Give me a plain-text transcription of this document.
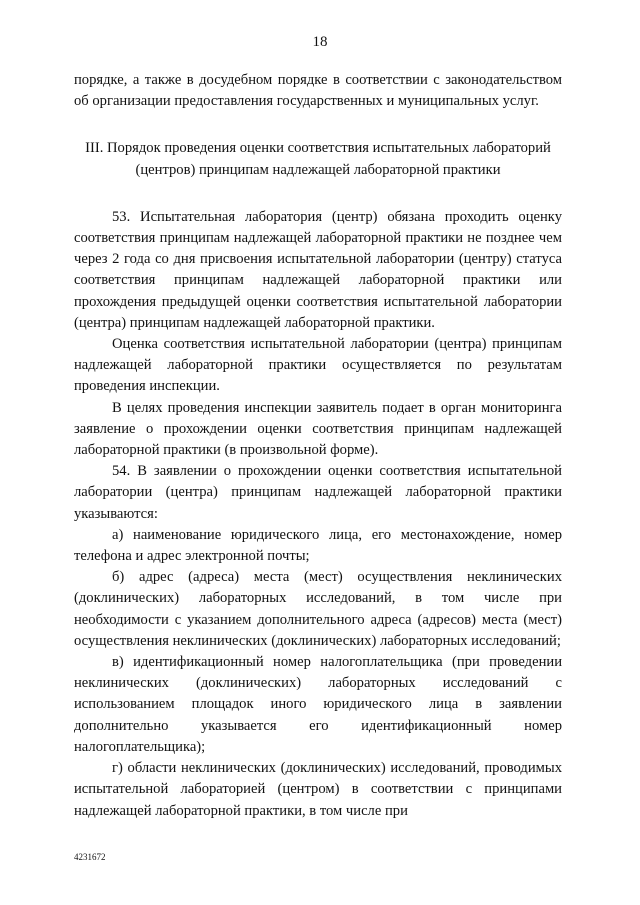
18

порядке, а также в досудебном порядке в соответствии с законодательством об организации предоставления государственных и муниципальных услуг.

III. Порядок проведения оценки соответствия испытательных лабораторий (центров) принципам надлежащей лабораторной практики

53. Испытательная лаборатория (центр) обязана проходить оценку соответствия принципам надлежащей лабораторной практики не позднее чем через 2 года со дня присвоения испытательной лаборатории (центру) статуса соответствия принципам надлежащей лабораторной практики или прохождения предыдущей оценки соответствия испытательной лаборатории (центра) принципам надлежащей лабораторной практики.

Оценка соответствия испытательной лаборатории (центра) принципам надлежащей лабораторной практики осуществляется по результатам проведения инспекции.

В целях проведения инспекции заявитель подает в орган мониторинга заявление о прохождении оценки соответствия принципам надлежащей лабораторной практики (в произвольной форме).

54. В заявлении о прохождении оценки соответствия испытательной лаборатории (центра) принципам надлежащей лабораторной практики указываются:

а) наименование юридического лица, его местонахождение, номер телефона и адрес электронной почты;

б) адрес (адреса) места (мест) осуществления неклинических (доклинических) лабораторных исследований, в том числе при необходимости с указанием дополнительного адреса (адресов) места (мест) осуществления неклинических (доклинических) лабораторных исследований;

в) идентификационный номер налогоплательщика (при проведении неклинических (доклинических) лабораторных исследований с использованием площадок иного юридического лица в заявлении дополнительно указывается его идентификационный номер налогоплательщика);

г) области неклинических (доклинических) исследований, проводимых испытательной лабораторией (центром) в соответствии с принципами надлежащей лабораторной практики, в том числе при

4231672
